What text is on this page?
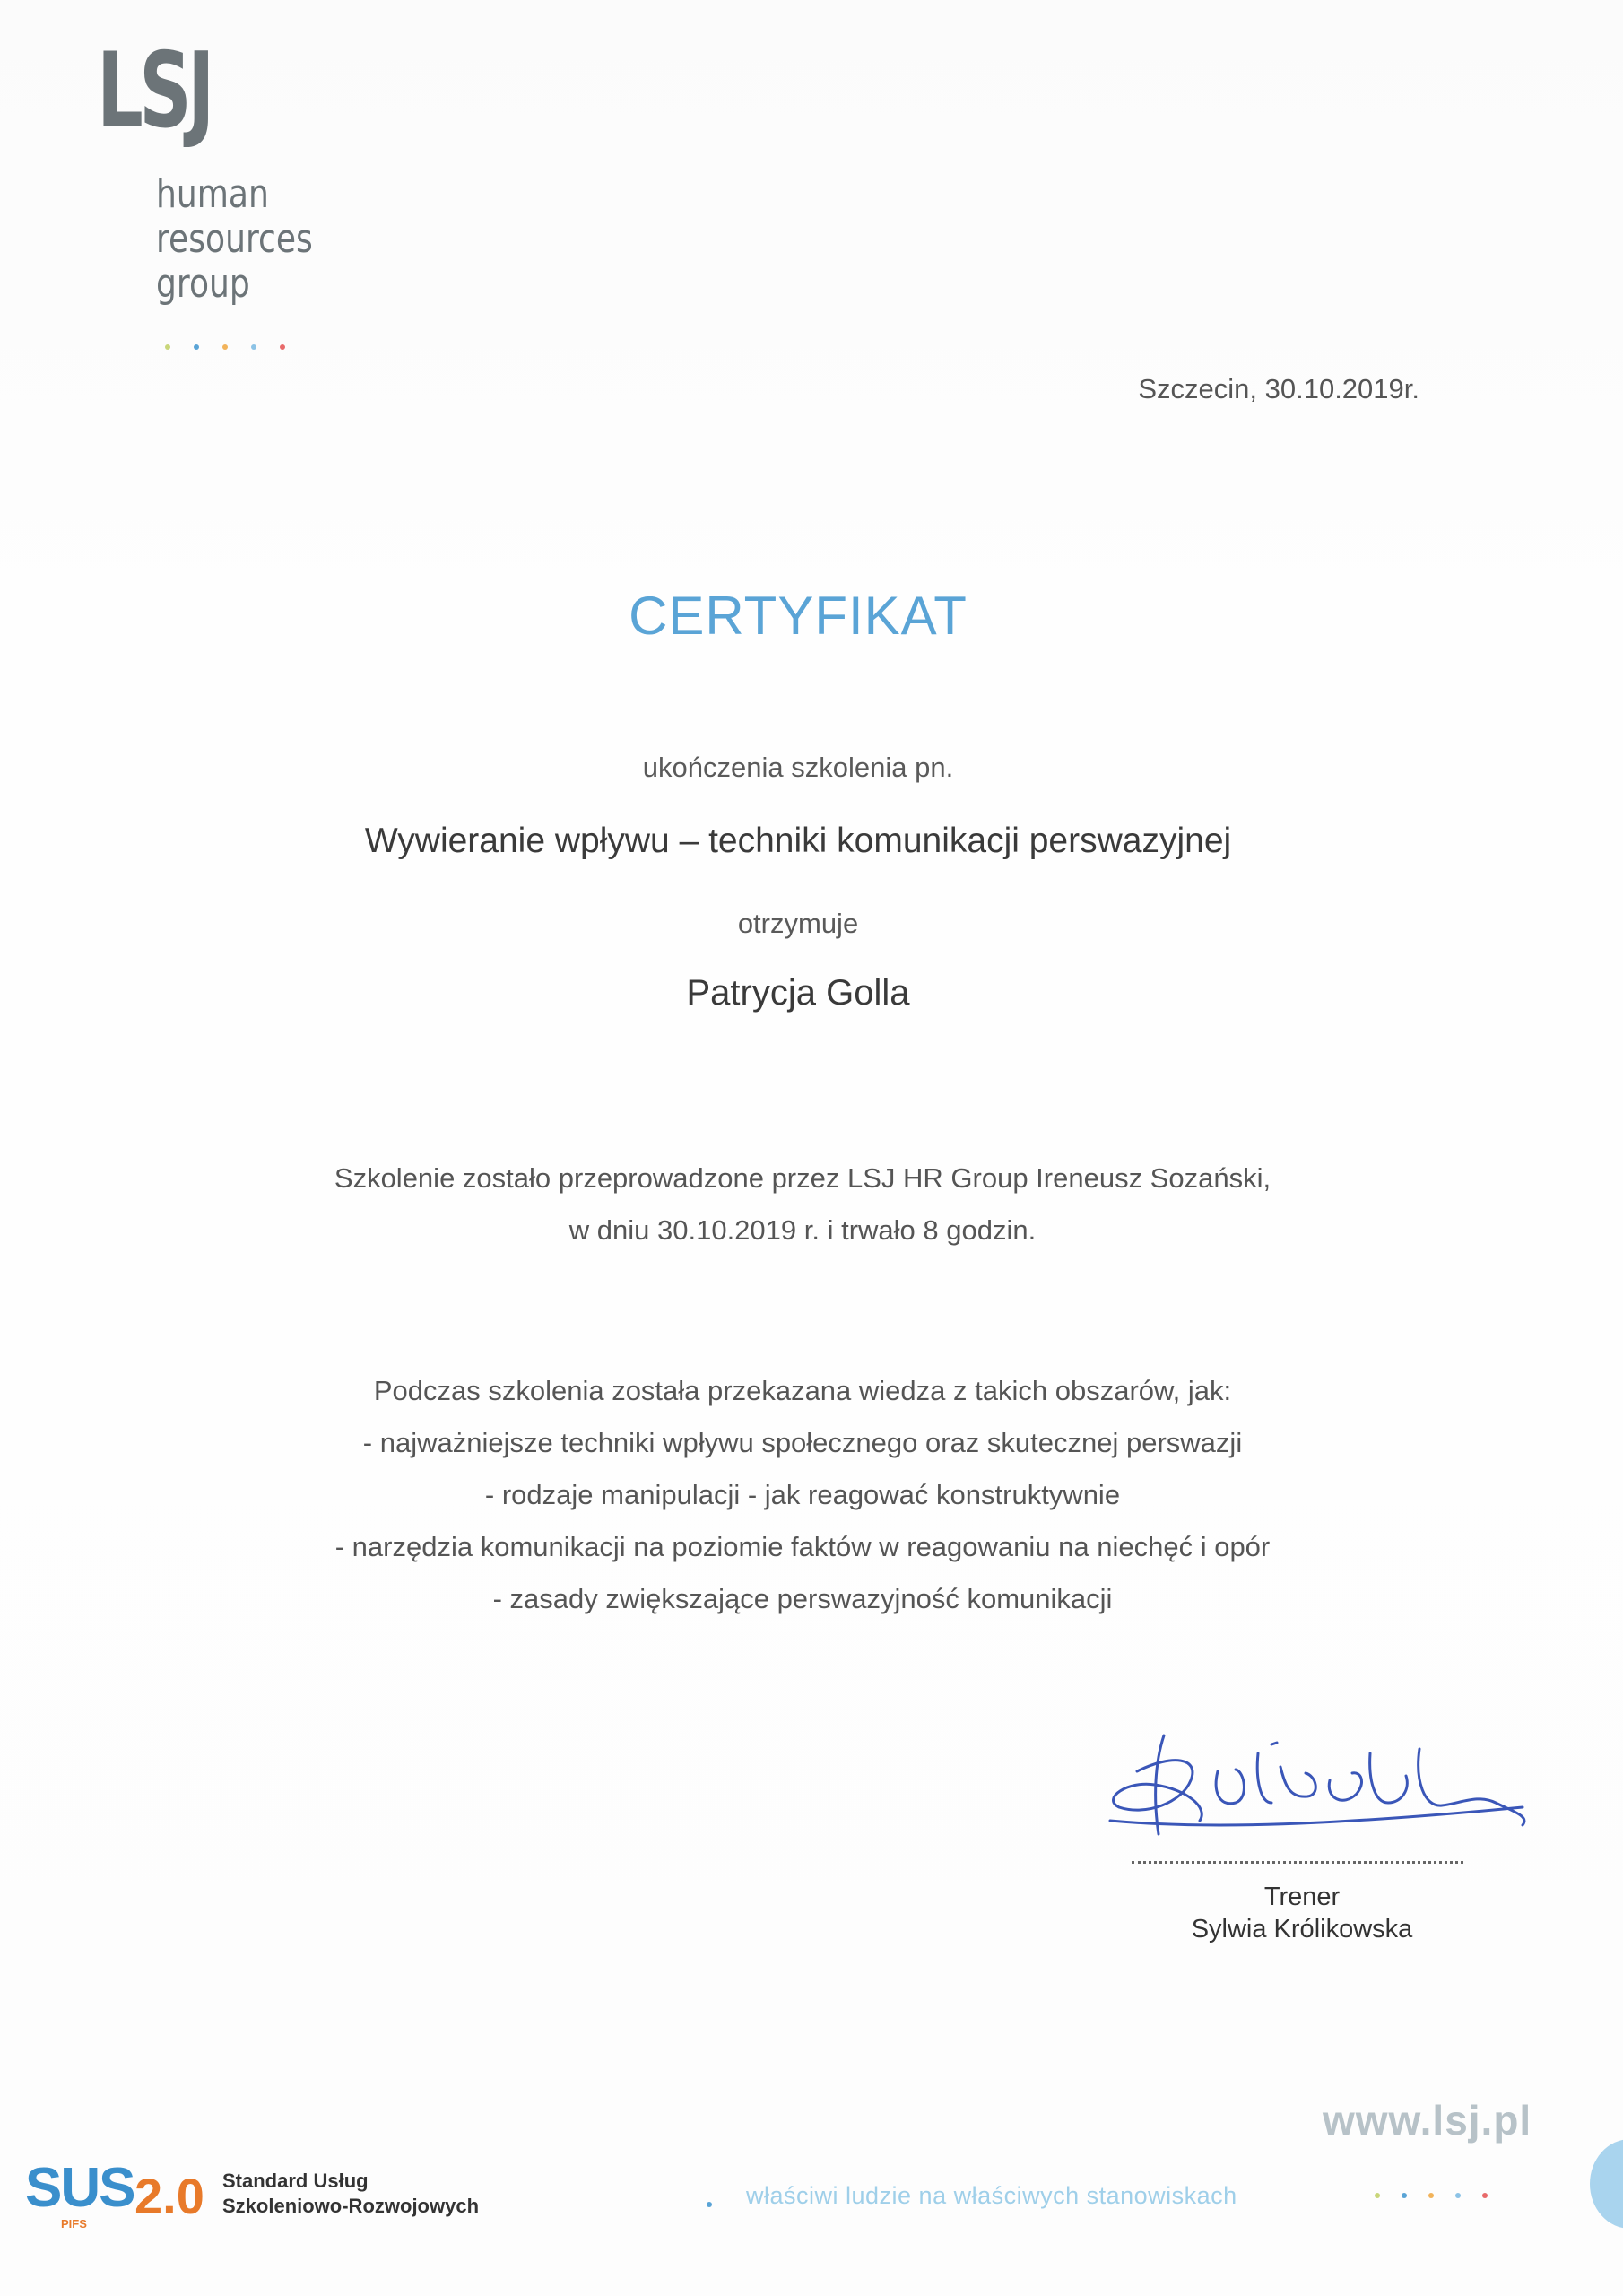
LSJ
human
resources
group
Szczecin, 30.10.2019r.
CERTYFIKAT
ukończenia szkolenia pn.
Wywieranie wpływu – techniki komunikacji perswazyjnej
otrzymuje
Patrycja Golla
Szkolenie zostało przeprowadzone przez LSJ HR Group Ireneusz Sozański,
w dniu 30.10.2019 r. i trwało 8 godzin.
Podczas szkolenia została przekazana wiedza z takich obszarów, jak:
- najważniejsze techniki wpływu społecznego oraz skutecznej perswazji
- rodzaje manipulacji - jak reagować konstruktywnie
- narzędzia komunikacji na poziomie faktów w reagowaniu na niechęć i opór
- zasady zwiększające perswazyjność komunikacji
Trener
Sylwia Królikowska
www.lsj.pl
SUS
PIFS 2.0 Standard Usług
Szkoleniowo-Rozwojowych	właściwi ludzie na właściwych stanowiskach
